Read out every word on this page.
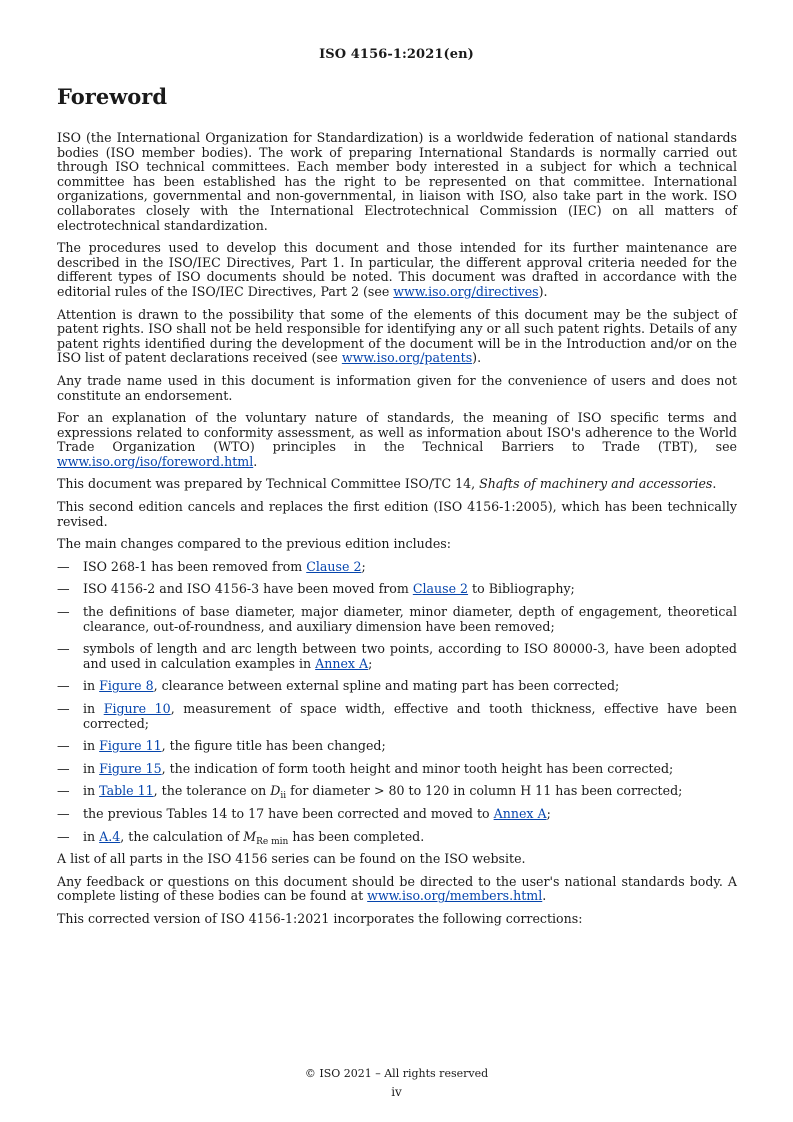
ISO 4156-1:2021(en)
Foreword

ISO (the International Organization for Standardization) is a worldwide federation of national standards bodies (ISO member bodies). The work of preparing International Standards is normally carried out through ISO technical committees. Each member body interested in a subject for which a technical committee has been established has the right to be represented on that committee. International organizations, governmental and non-governmental, in liaison with ISO, also take part in the work. ISO collaborates closely with the International Electrotechnical Commission (IEC) on all matters of electrotechnical standardization.

The procedures used to develop this document and those intended for its further maintenance are described in the ISO/IEC Directives, Part 1. In particular, the different approval criteria needed for the different types of ISO documents should be noted. This document was drafted in accordance with the editorial rules of the ISO/IEC Directives, Part 2 (see www.iso.org/directives).

Attention is drawn to the possibility that some of the elements of this document may be the subject of patent rights. ISO shall not be held responsible for identifying any or all such patent rights. Details of any patent rights identified during the development of the document will be in the Introduction and/or on the ISO list of patent declarations received (see www.iso.org/patents).

Any trade name used in this document is information given for the convenience of users and does not constitute an endorsement.

For an explanation of the voluntary nature of standards, the meaning of ISO specific terms and expressions related to conformity assessment, as well as information about ISO's adherence to the World Trade Organization (WTO) principles in the Technical Barriers to Trade (TBT), see www.iso.org/iso/foreword.html.

This document was prepared by Technical Committee ISO/TC 14, Shafts of machinery and accessories.

This second edition cancels and replaces the first edition (ISO 4156-1:2005), which has been technically revised.

The main changes compared to the previous edition includes:

— ISO 268-1 has been removed from Clause 2;
— ISO 4156-2 and ISO 4156-3 have been moved from Clause 2 to Bibliography;
— the definitions of base diameter, major diameter, minor diameter, depth of engagement, theoretical clearance, out-of-roundness, and auxiliary dimension have been removed;
— symbols of length and arc length between two points, according to ISO 80000-3, have been adopted and used in calculation examples in Annex A;
— in Figure 8, clearance between external spline and mating part has been corrected;
— in Figure 10, measurement of space width, effective and tooth thickness, effective have been corrected;
— in Figure 11, the figure title has been changed;
— in Figure 15, the indication of form tooth height and minor tooth height has been corrected;
— in Table 11, the tolerance on $D_{ii}$ for diameter > 80 to 120 in column H 11 has been corrected;
— the previous Tables 14 to 17 have been corrected and moved to Annex A;
— in A.4, the calculation of $M_{Re min}$ has been completed.

A list of all parts in the ISO 4156 series can be found on the ISO website.

Any feedback or questions on this document should be directed to the user's national standards body. A complete listing of these bodies can be found at www.iso.org/members.html.

This corrected version of ISO 4156-1:2021 incorporates the following corrections:

© ISO 2021 – All rights reserved
iv
